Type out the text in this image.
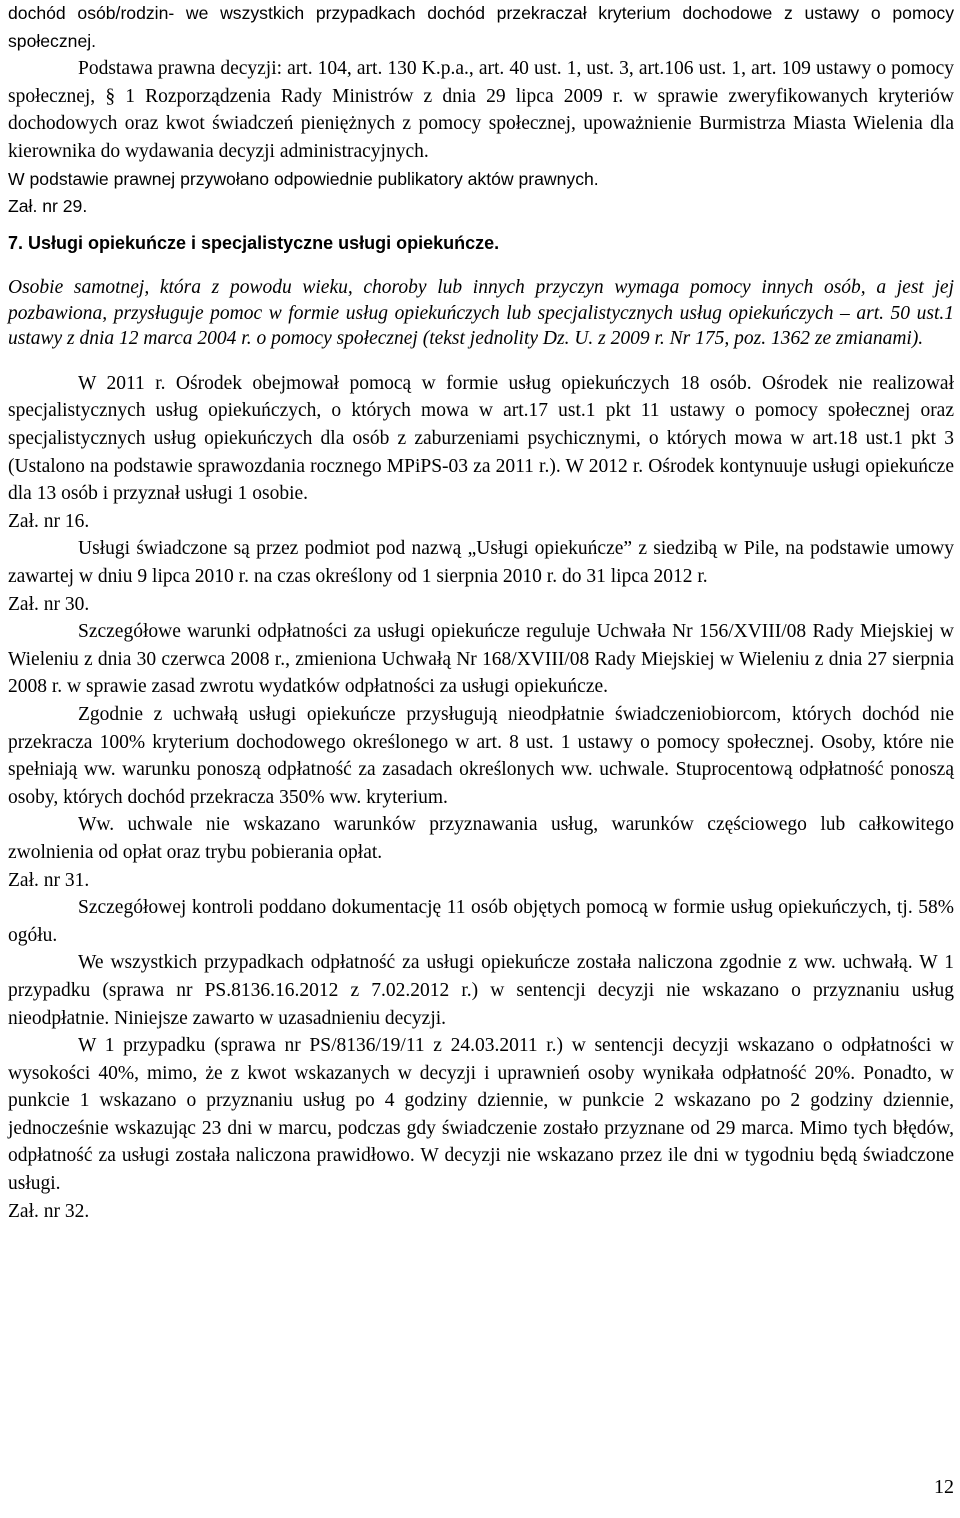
dochód osób/rodzin- we wszystkich przypadkach dochód przekraczał kryterium dochodowe z ustawy o pomocy społecznej.

Podstawa prawna decyzji: art. 104, art. 130 K.p.a., art. 40 ust. 1, ust. 3, art.106 ust. 1, art. 109 ustawy o pomocy społecznej, § 1 Rozporządzenia Rady Ministrów z dnia 29 lipca 2009 r. w sprawie zweryfikowanych kryteriów dochodowych oraz kwot świadczeń pieniężnych z pomocy społecznej, upoważnienie Burmistrza Miasta Wielenia dla kierownika do wydawania decyzji administracyjnych.

W podstawie prawnej przywołano odpowiednie publikatory aktów prawnych.

Zał. nr 29.

7. Usługi opiekuńcze i specjalistyczne usługi opiekuńcze.

Osobie samotnej, która z powodu wieku, choroby lub innych przyczyn wymaga pomocy innych osób, a jest jej pozbawiona, przysługuje pomoc w formie usług opiekuńczych lub specjalistycznych usług opiekuńczych – art. 50 ust.1 ustawy z dnia 12 marca 2004 r. o pomocy społecznej (tekst jednolity Dz. U. z 2009 r. Nr 175, poz. 1362 ze zmianami).

W 2011 r. Ośrodek obejmował pomocą w formie usług opiekuńczych 18 osób. Ośrodek nie realizował specjalistycznych usług opiekuńczych, o których mowa w art.17 ust.1 pkt 11 ustawy o pomocy społecznej oraz specjalistycznych usług opiekuńczych dla osób z zaburzeniami psychicznymi, o których mowa w art.18 ust.1 pkt 3 (Ustalono na podstawie sprawozdania rocznego MPiPS-03 za 2011 r.). W 2012 r. Ośrodek kontynuuje usługi opiekuńcze dla 13 osób i przyznał usługi 1 osobie.

Zał. nr 16.

Usługi świadczone są przez podmiot pod nazwą „Usługi opiekuńcze” z siedzibą w Pile, na podstawie umowy zawartej w dniu 9 lipca 2010 r. na czas określony od 1 sierpnia 2010 r. do 31 lipca 2012 r.

Zał. nr 30.

Szczegółowe warunki odpłatności za usługi opiekuńcze reguluje Uchwała Nr 156/XVIII/08 Rady Miejskiej w Wieleniu z dnia 30 czerwca 2008 r., zmieniona Uchwałą Nr 168/XVIII/08 Rady Miejskiej w Wieleniu z dnia 27 sierpnia 2008 r. w sprawie zasad zwrotu wydatków odpłatności za usługi opiekuńcze.

Zgodnie z uchwałą usługi opiekuńcze przysługują nieodpłatnie świadczeniobiorcom, których dochód nie przekracza 100% kryterium dochodowego określonego w art. 8 ust. 1 ustawy o pomocy społecznej. Osoby, które nie spełniają ww. warunku ponoszą odpłatność za zasadach określonych ww. uchwale. Stuprocentową odpłatność ponoszą osoby, których dochód przekracza 350% ww. kryterium.

Ww. uchwale nie wskazano warunków przyznawania usług, warunków częściowego lub całkowitego zwolnienia od opłat oraz trybu pobierania opłat.

Zał. nr 31.

Szczegółowej kontroli poddano dokumentację 11 osób objętych pomocą w formie usług opiekuńczych, tj. 58% ogółu.

We wszystkich przypadkach odpłatność za usługi opiekuńcze została naliczona zgodnie z ww. uchwałą. W 1 przypadku (sprawa nr PS.8136.16.2012 z 7.02.2012 r.) w sentencji decyzji nie wskazano o przyznaniu usług nieodpłatnie. Niniejsze zawarto w uzasadnieniu decyzji.

W 1 przypadku (sprawa nr PS/8136/19/11 z 24.03.2011 r.) w sentencji decyzji wskazano o odpłatności w wysokości 40%, mimo, że z kwot wskazanych w decyzji i uprawnień osoby wynikała odpłatność 20%. Ponadto, w punkcie 1 wskazano o przyznaniu usług po 4 godziny dziennie, w punkcie 2 wskazano po 2 godziny dziennie, jednocześnie wskazując 23 dni w marcu, podczas gdy świadczenie zostało przyznane od 29 marca. Mimo tych błędów, odpłatność za usługi została naliczona prawidłowo. W decyzji nie wskazano przez ile dni w tygodniu będą świadczone usługi.

Zał. nr 32.

12
